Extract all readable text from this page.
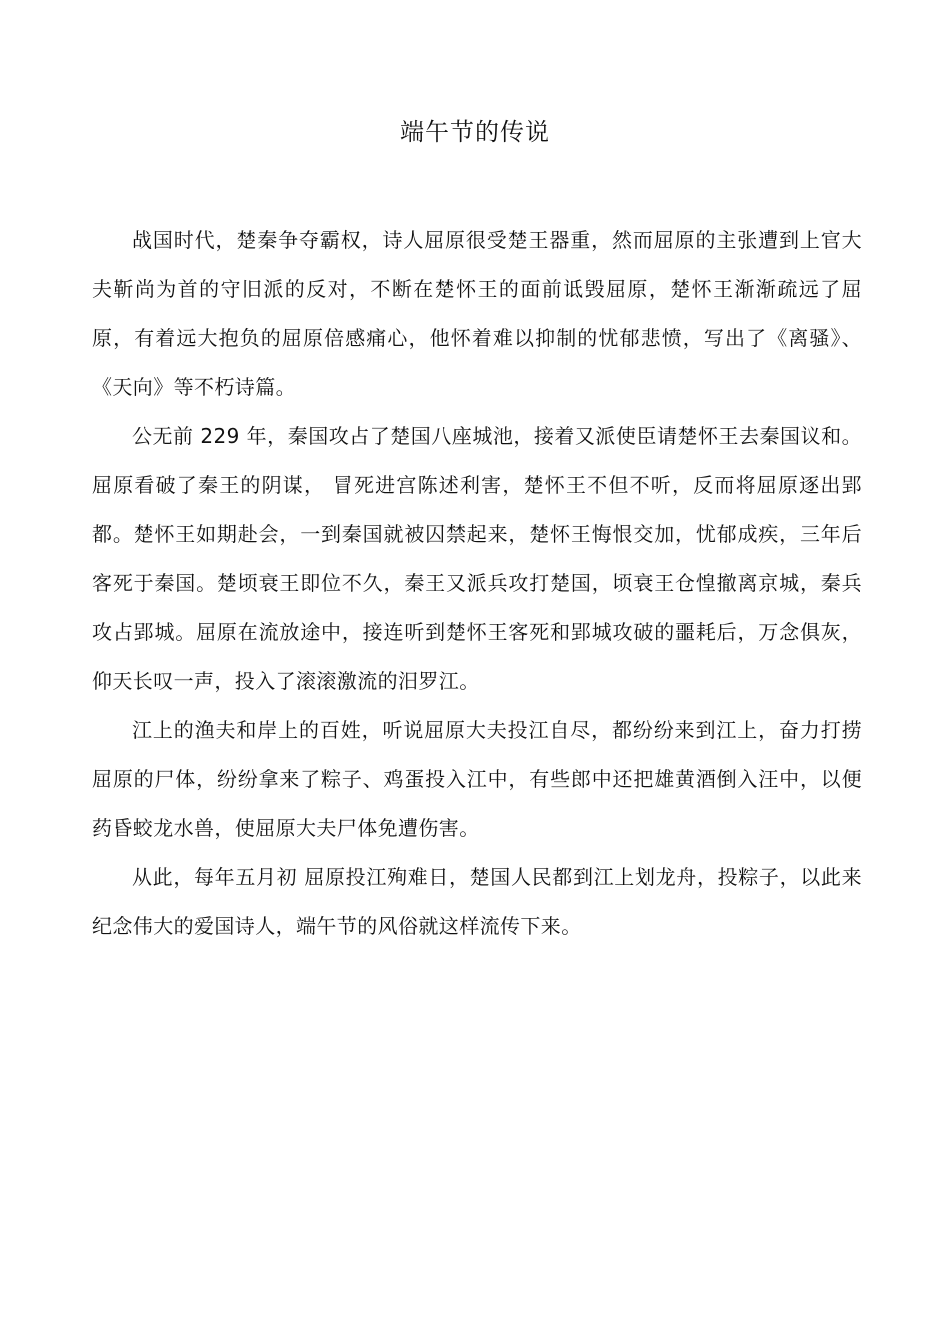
端午节的传说

战国时代，楚秦争夺霸权，诗人屈原很受楚王器重，然而屈原的主张遭到上官大夫靳尚为首的守旧派的反对，不断在楚怀王的面前诋毁屈原，楚怀王渐渐疏远了屈原，有着远大抱负的屈原倍感痛心，他怀着难以抑制的忧郁悲愤，写出了《离骚》、《天向》等不朽诗篇。

公无前 229 年，秦国攻占了楚国八座城池，接着又派使臣请楚怀王去秦国议和。屈原看破了秦王的阴谋， 冒死进宫陈述利害，楚怀王不但不听，反而将屈原逐出郢都。楚怀王如期赴会，一到秦国就被囚禁起来，楚怀王悔恨交加，忧郁成疾，三年后客死于秦国。楚顷衰王即位不久，秦王又派兵攻打楚国，顷衰王仓惶撤离京城，秦兵攻占郢城。屈原在流放途中，接连听到楚怀王客死和郢城攻破的噩耗后，万念俱灰，仰天长叹一声，投入了滚滚激流的汨罗江。

江上的渔夫和岸上的百姓，听说屈原大夫投江自尽，都纷纷来到江上，奋力打捞屈原的尸体，纷纷拿来了粽子、鸡蛋投入江中，有些郎中还把雄黄酒倒入汪中，以便药昏蛟龙水兽，使屈原大夫尸体免遭伤害。

从此，每年五月初 屈原投江殉难日，楚国人民都到江上划龙舟，投粽子，以此来纪念伟大的爱国诗人，端午节的风俗就这样流传下来。
